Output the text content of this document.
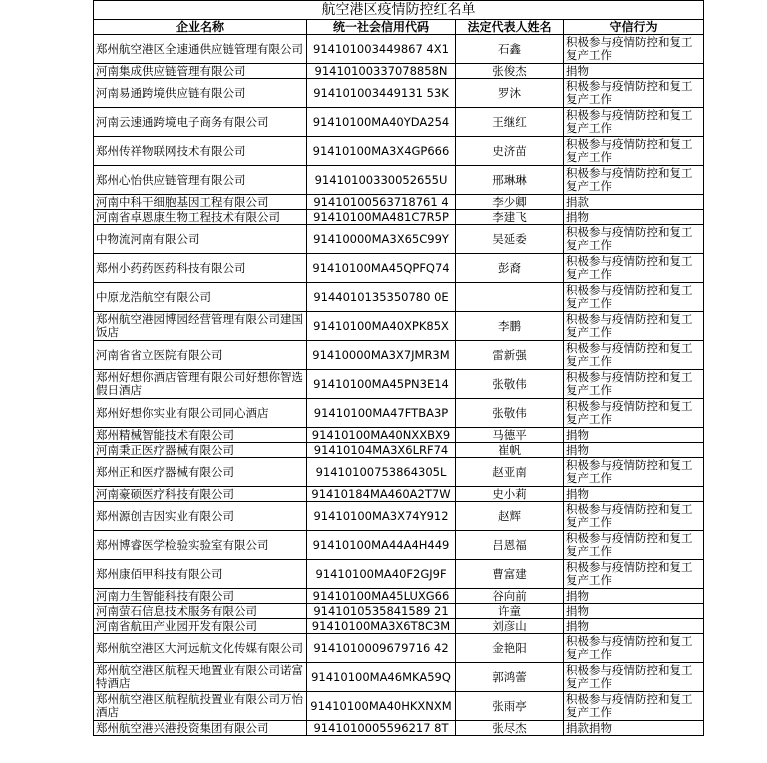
航空港区疫情防控红名单			
企业名称	统一社会信用代码	法定代表人姓名	守信行为
郑州航空港区全速通供应链管理有限公司	914101003449867 4X1	石鑫	积极参与疫情防控和复工复产工作
河南集成供应链管理有限公司	91410100337078858N	张俊杰	捐物
河南易通跨境供应链有限公司	914101003449131 53K	罗沐	积极参与疫情防控和复工复产工作
河南云速通跨境电子商务有限公司	91410100MA40YDA254	王继红	积极参与疫情防控和复工复产工作
郑州传祥物联网技术有限公司	91410100MA3X4GP666	史济苗	积极参与疫情防控和复工复产工作
郑州心怡供应链管理有限公司	91410100330052655U	邢琳琳	积极参与疫情防控和复工复产工作
河南中科干细胞基因工程有限公司	91410100563718761 4	李少卿	捐款
河南省卓恩康生物工程技术有限公司	91410100MA481C7R5P	李建飞	捐物
中物流河南有限公司	91410000MA3X65C99Y	吴延委	积极参与疫情防控和复工复产工作
郑州小药药医药科技有限公司	91410100MA45QPFQ74	彭裔	积极参与疫情防控和复工复产工作
中原龙浩航空有限公司	9144010135350780 0E		积极参与疫情防控和复工复产工作
郑州航空港园博园经营管理有限公司建国饭店	91410100MA40XPK85X	李鹏	积极参与疫情防控和复工复产工作
河南省省立医院有限公司	91410000MA3X7JMR3M	雷新强	积极参与疫情防控和复工复产工作
郑州好想你酒店管理有限公司好想你智选假日酒店	91410100MA45PN3E14	张敬伟	积极参与疫情防控和复工复产工作
郑州好想你实业有限公司同心酒店	91410100MA47FTBA3P	张敬伟	积极参与疫情防控和复工复产工作
郑州精械智能技术有限公司	91410100MA40NXXBX9	马德平	捐物
河南秉正医疗器械有限公司	91410104MA3X6LRF74	崔帆	捐物
郑州正和医疗器械有限公司	91410100753864305L	赵亚南	积极参与疫情防控和复工复产工作
河南豪硕医疗科技有限公司	91410184MA460A2T7W	史小莉	捐物
郑州源创吉因实业有限公司	91410100MA3X74Y912	赵辉	积极参与疫情防控和复工复产工作
郑州博睿医学检验实验室有限公司	91410100MA44A4H449	吕恩福	积极参与疫情防控和复工复产工作
郑州康佰甲科技有限公司	91410100MA40F2GJ9F	曹富建	积极参与疫情防控和复工复产工作
河南力生智能科技有限公司	91410100MA45LUXG66	谷向前	捐物
河南萤石信息技术服务有限公司	9141010535841589 21	许童	捐物
河南省航田产业园开发有限公司	91410100MA3X6T8C3M	刘彦山	捐物
郑州航空港区大河远航文化传媒有限公司	9141010009679716 42	金艳阳	积极参与疫情防控和复工复产工作
郑州航空港区航程天地置业有限公司诺富特酒店	91410100MA46MKA59Q	郭鸿蕾	积极参与疫情防控和复工复产工作
郑州航空港区航程航投置业有限公司万怡酒店	91410100MA40HKXNXM	张雨亭	积极参与疫情防控和复工复产工作
郑州航空港兴港投资集团有限公司	9141010005596217 8T	张尽杰	捐款捐物
